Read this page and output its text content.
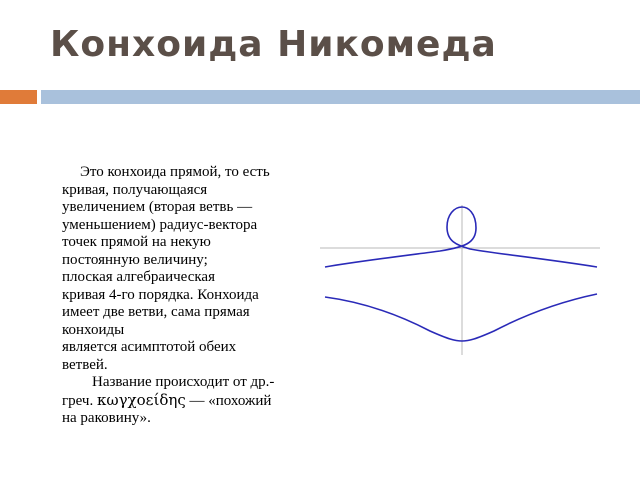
Конхоида Никомеда

Это конхоида прямой, то есть
кривая, получающаяся
увеличением (вторая ветвь —
уменьшением) радиус-вектора
точек прямой на некую
постоянную величину;
плоская алгебраическая
кривая 4-го порядка. Конхоида
имеет две ветви, сама прямая
конхоиды
является асимптотой обеих
ветвей.

Название происходит от др.-
греч. κωγχοείδης — «похожий
на раковину».
